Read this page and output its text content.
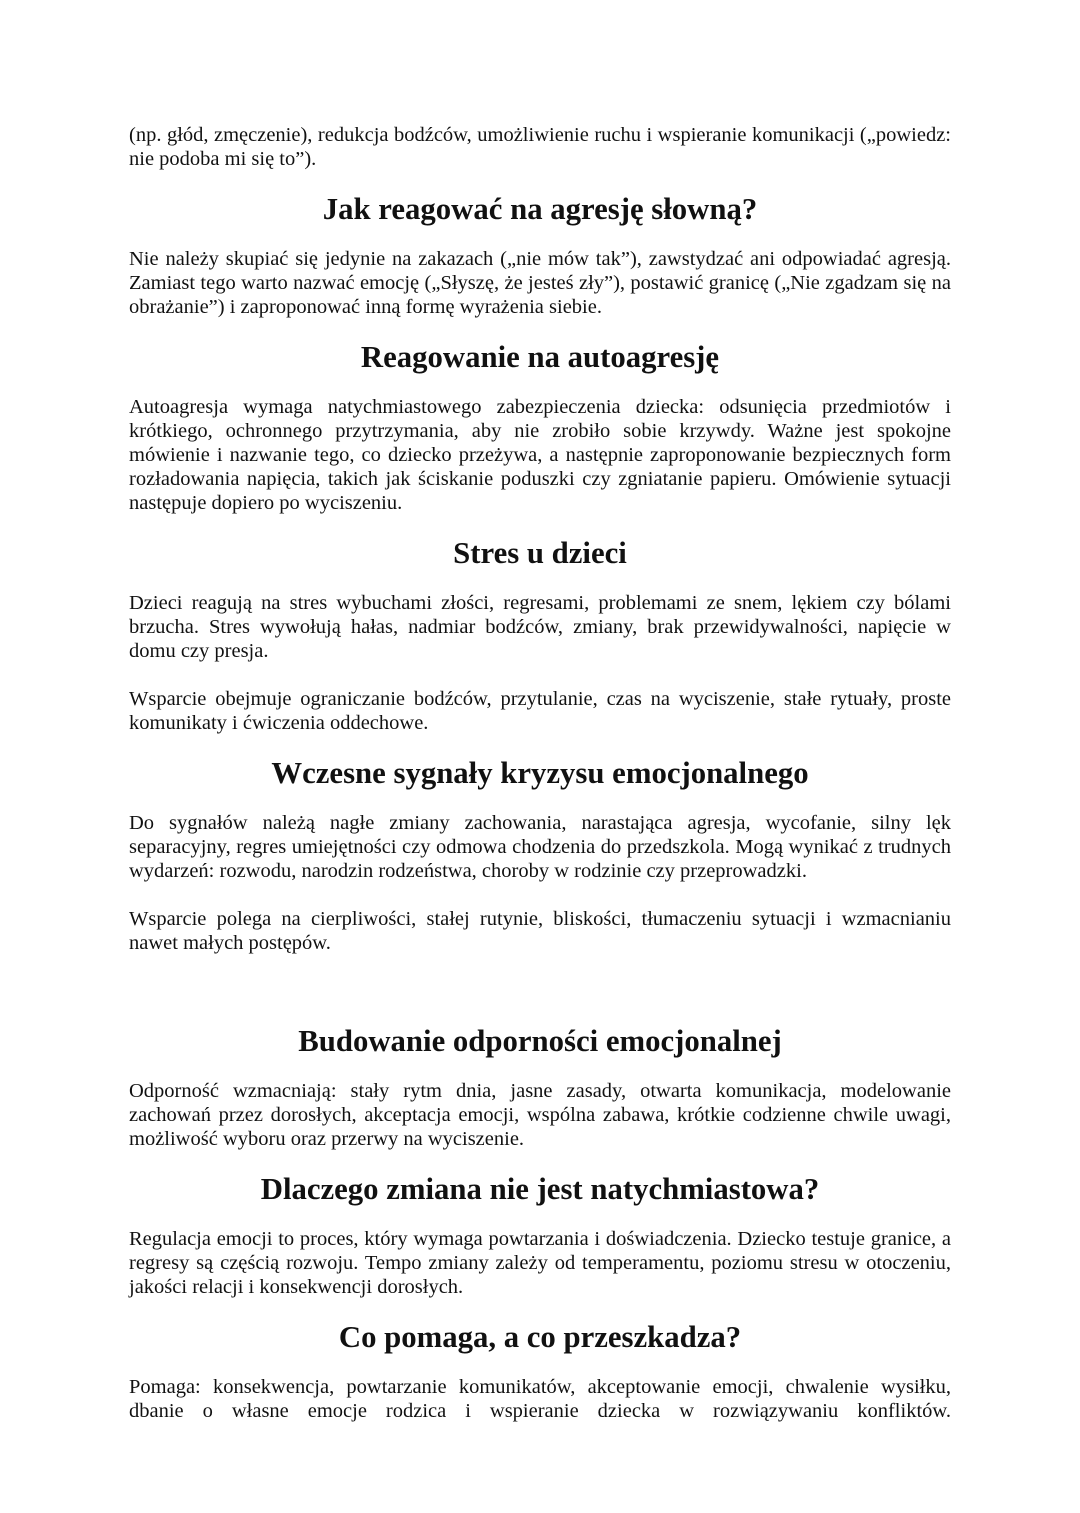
(np. głód, zmęczenie), redukcja bodźców, umożliwienie ruchu i wspieranie komunikacji („powiedz: nie podoba mi się to”).

Jak reagować na agresję słowną?

Nie należy skupiać się jedynie na zakazach („nie mów tak”), zawstydzać ani odpowiadać agresją. Zamiast tego warto nazwać emocję („Słyszę, że jesteś zły”), postawić granicę („Nie zgadzam się na obrażanie”) i zaproponować inną formę wyrażenia siebie.

Reagowanie na autoagresję

Autoagresja wymaga natychmiastowego zabezpieczenia dziecka: odsunięcia przedmiotów i krótkiego, ochronnego przytrzymania, aby nie zrobiło sobie krzywdy. Ważne jest spokojne mówienie i nazwanie tego, co dziecko przeżywa, a następnie zaproponowanie bezpiecznych form rozładowania napięcia, takich jak ściskanie poduszki czy zgniatanie papieru. Omówienie sytuacji następuje dopiero po wyciszeniu.

Stres u dzieci

Dzieci reagują na stres wybuchami złości, regresami, problemami ze snem, lękiem czy bólami brzucha. Stres wywołują hałas, nadmiar bodźców, zmiany, brak przewidywalności, napięcie w domu czy presja.

Wsparcie obejmuje ograniczanie bodźców, przytulanie, czas na wyciszenie, stałe rytuały, proste komunikaty i ćwiczenia oddechowe.

Wczesne sygnały kryzysu emocjonalnego

Do sygnałów należą nagłe zmiany zachowania, narastająca agresja, wycofanie, silny lęk separacyjny, regres umiejętności czy odmowa chodzenia do przedszkola. Mogą wynikać z trudnych wydarzeń: rozwodu, narodzin rodzeństwa, choroby w rodzinie czy przeprowadzki.

Wsparcie polega na cierpliwości, stałej rutynie, bliskości, tłumaczeniu sytuacji i wzmacnianiu nawet małych postępów.

Budowanie odporności emocjonalnej

Odporność wzmacniają: stały rytm dnia, jasne zasady, otwarta komunikacja, modelowanie zachowań przez dorosłych, akceptacja emocji, wspólna zabawa, krótkie codzienne chwile uwagi, możliwość wyboru oraz przerwy na wyciszenie.

Dlaczego zmiana nie jest natychmiastowa?

Regulacja emocji to proces, który wymaga powtarzania i doświadczenia. Dziecko testuje granice, a regresy są częścią rozwoju. Tempo zmiany zależy od temperamentu, poziomu stresu w otoczeniu, jakości relacji i konsekwencji dorosłych.

Co pomaga, a co przeszkadza?

Pomaga: konsekwencja, powtarzanie komunikatów, akceptowanie emocji, chwalenie wysiłku, dbanie o własne emocje rodzica i wspieranie dziecka w rozwiązywaniu konfliktów.
